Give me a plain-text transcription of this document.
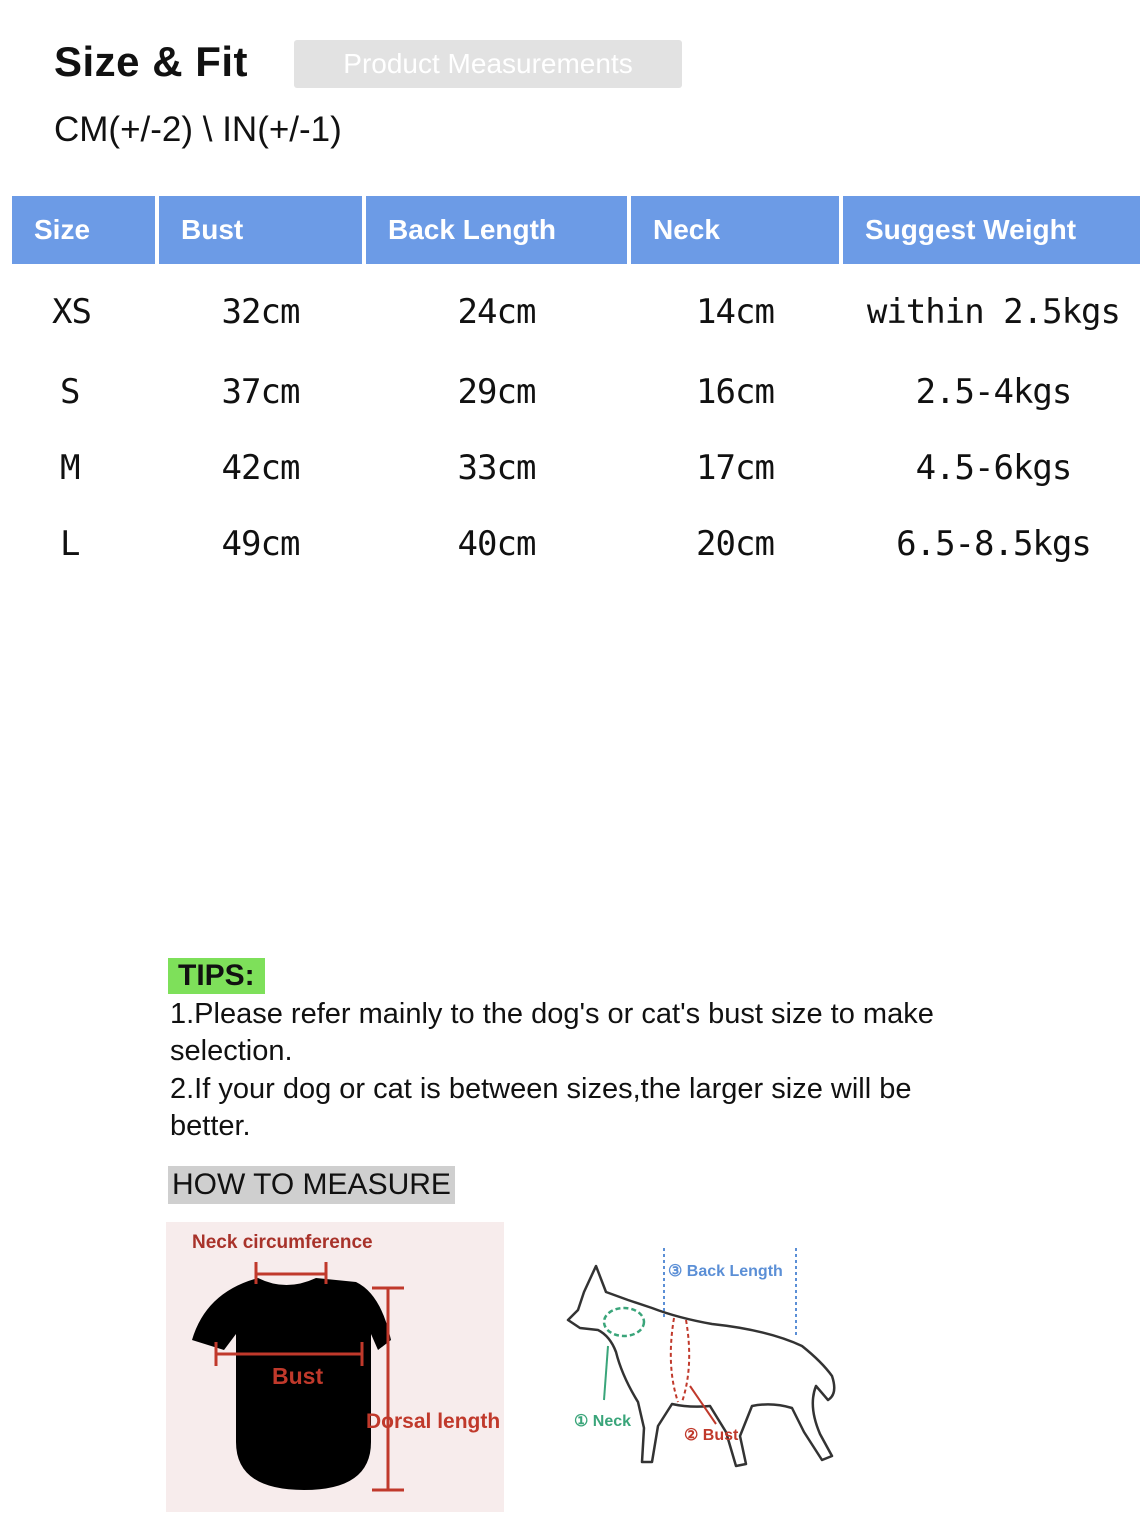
Size & Fit	Product Measurements
CM(+/-2) \ IN(+/-1)
Size	Bust	Back Length	Neck	Suggest Weight
XS	32cm	24cm	14cm	within 2.5kgs
S	37cm	29cm	16cm	2.5-4kgs
M	42cm	33cm	17cm	4.5-6kgs
L	49cm	40cm	20cm	6.5-8.5kgs
TIPS:
1.Please refer mainly to the dog's or cat's bust size to make selection.
2.If your dog or cat is between sizes,the larger size will be better.
HOW TO MEASURE
Neck circumference
Bust
Dorsal length
③ Back Length
① Neck
② Bust
